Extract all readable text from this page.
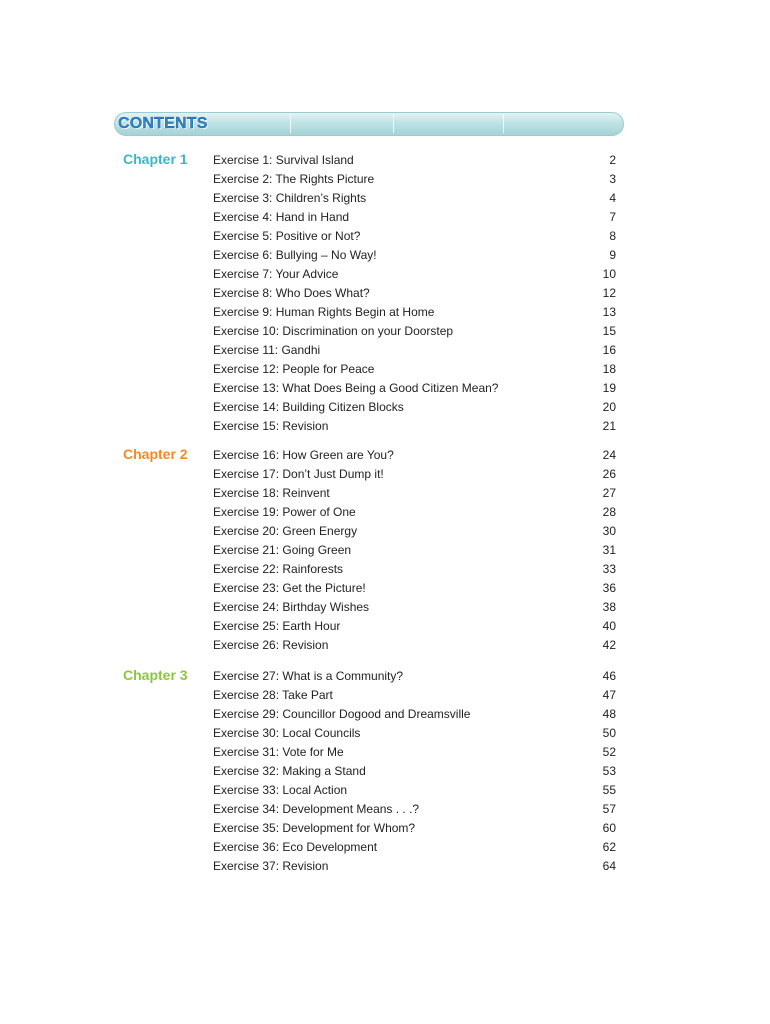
CONTENTS
Chapter 1 Exercise 1: Survival Island	2
Exercise 2: The Rights Picture	3
Exercise 3: Children’s Rights	4
Exercise 4: Hand in Hand	7
Exercise 5: Positive or Not?	8
Exercise 6: Bullying – No Way!	9
Exercise 7: Your Advice	10
Exercise 8: Who Does What?	12
Exercise 9: Human Rights Begin at Home	13
Exercise 10: Discrimination on your Doorstep	15
Exercise 11: Gandhi	16
Exercise 12: People for Peace	18
Exercise 13: What Does Being a Good Citizen Mean?	19
Exercise 14: Building Citizen Blocks	20
Exercise 15: Revision	21
Chapter 2 Exercise 16: How Green are You?	24
Exercise 17: Don’t Just Dump it!	26
Exercise 18: Reinvent	27
Exercise 19: Power of One	28
Exercise 20: Green Energy	30
Exercise 21: Going Green	31
Exercise 22: Rainforests	33
Exercise 23: Get the Picture!	36
Exercise 24: Birthday Wishes	38
Exercise 25: Earth Hour	40
Exercise 26: Revision	42
Chapter 3 Exercise 27: What is a Community?	46
Exercise 28: Take Part	47
Exercise 29: Councillor Dogood and Dreamsville	48
Exercise 30: Local Councils	50
Exercise 31: Vote for Me	52
Exercise 32: Making a Stand	53
Exercise 33: Local Action	55
Exercise 34: Development Means . . .?	57
Exercise 35: Development for Whom?	60
Exercise 36: Eco Development	62
Exercise 37: Revision	64
